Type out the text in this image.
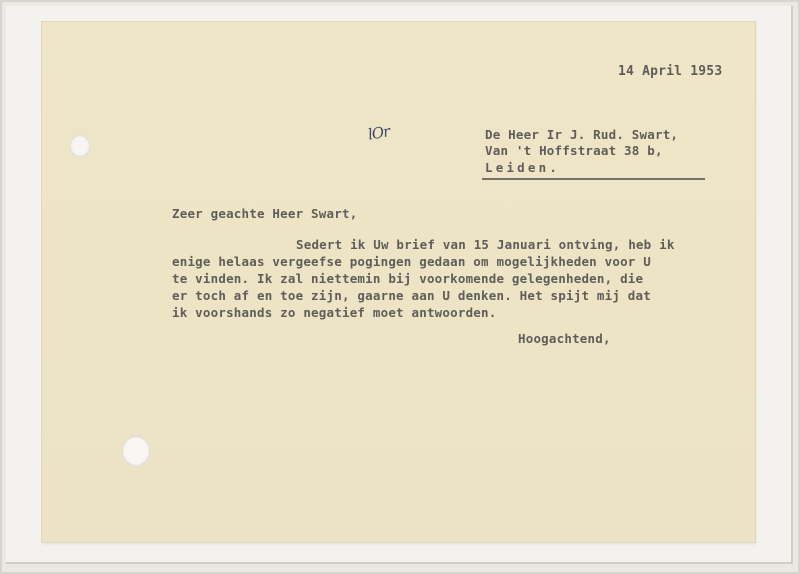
14 April 1953
lOr	De Heer Ir J. Rud. Swart,
Van 't Hoffstraat 38 b,
Leiden.
Zeer geachte Heer Swart,
Sedert ik Uw brief van 15 Januari ontving, heb ik
enige helaas vergeefse pogingen gedaan om mogelijkheden voor U
te vinden. Ik zal niettemin bij voorkomende gelegenheden, die
er toch af en toe zijn, gaarne aan U denken. Het spijt mij dat
ik voorshands zo negatief moet antwoorden.
Hoogachtend,
